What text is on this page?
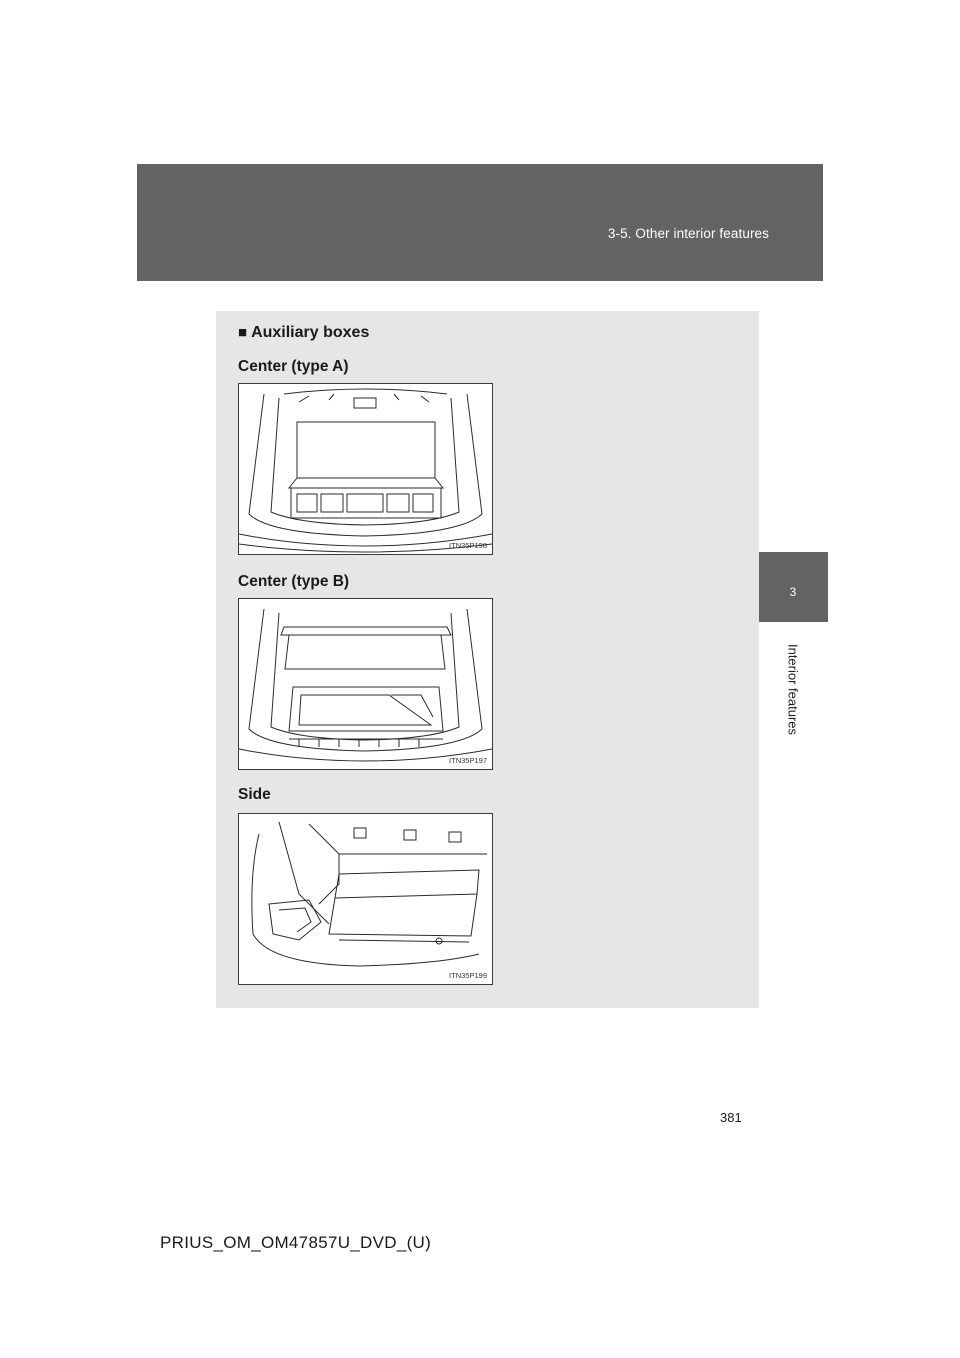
3-5. Other interior features
3
Interior features
■ Auxiliary boxes
Center (type A)
ITN35P198
Center (type B)
ITN35P197
Side
ITN35P199
381
PRIUS_OM_OM47857U_DVD_(U)
